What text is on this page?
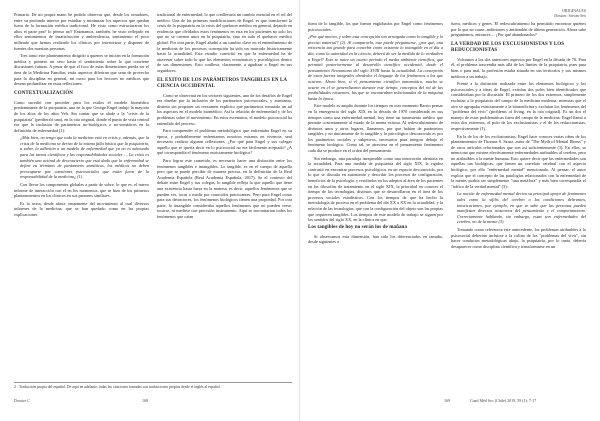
Primaria. De mi propia mano he podido observar que, desde los ornadores, entre su profunda interior por estudiar y minimizar los aspectos que quedan fuera de la formación médica tradicional. He visto como estructuraron los altos et parte pea? lo pienso así? Entonamos, también, he visto reflejado en ellos sentimientos de insatisfacción y ambivalencia, sentimiento el poco utilizado que hemos realizado los clínicos por interiorizar y disponer de fuentes dos nuestras personas.

Tres tomo este planteamiento dirigido a quienes se inician en la formación médica y primero mi seso hasta el sentimiento sobre lo que conviene discusiones futuras. A pesar de que el foco de estas dimensiones pueda ser el área de la Medicina Familiar, estás aspectos diferiran que sean de provecho para la disciplina en general, mi curso para los lectores no médicos que desean profundizar en estas reflexiones.

CONTEXTUALIZACIÓN

Como sucedió con proceder para los estilos el modelo biomédico predominante de la psiquiatría, una en la que George Engel indujo la mayoría de los altos de los años Veh. Sin contar que se alude a la "crisis de la psiquiatría" (perdiera'd una), en la cita original, donde el punto de vista central era que la inclusión de parámetros no-biológicos o no-somáticos en la definición de enfermedad (1):

¿Más bien, no tengo que toda la medicina está en crisis y, además, que la crisis de la medicina se deriva de la misma falla básica que la psiquiatría, a saber, la adhesión a un modelo de enfermedad que ya no es adecuado para las tareas científicas y las responsabilidades sociales … La crisis es también una actitud de desconcierto que está dado que la enfermedad se define en términos de parámetros somáticos, los médicos no deben preocuparse por cuestiones psicosociales que están fuera de la responsabilidad de la medicina¿ (1).

Con llevar los componentes globales a partir de sobre, lo que es, el nuevo informe de interacción con el en los momentos, que se hizo de los primeros planteamientos en los clínicos en sus patrones similares.

Es la sexta, desde ahora cenarmente del movimiento al cual diversos informes de la medicina, que se han quedado como en las propias explicaciones

tradicional de enfermedad, lo que conllevaría un cambio esencial en el rol del médico. Una de las primeras modificaciones de Engel, es que transformó la crisis de la psiquiatría en la crisis del quehacer médico en general, dejando en evidencia que olvidados estos fenómenos en esta en los pacientes no solo los que no se ciernen unos en la psiquiatría, sino en todo el quehacer médico global. Por otra parte, Engel aludió a un cambio clave en el entendimiento de la medicina de los procesos concepción ha sido un marcada históricamente hasta la actualidad. Este estudio convirtió en que la enfermedad ha de atravesar sobre todo lo que los elementos económicos y psicológicos dentro de sus dimensiones. Esto conlleva, claramente, a agudizar a Engel en sus seguidores.

EL EXITO DE LOS PARÁMETROS TANGIBLES EN LA CIENCIA OCCIDENTAL

Como se observará en los sectores siguientes, uno de los desafíos de Engel era diseñar por la inclusión de los parámetros psicosociales, y asimismo, distinto sin proponer un reexamen explícito qué parámetros tomando un tal los aspectos en el modelo biomédico. Así la relación de enfermedad y de los problemas sobre el movimiento. En estos escenarios, el modelo psicosocial ha entendido del proceso.

Para comprender el problema metodológico que enfrentaba Engel en su época, y probablemente enfrentamos nosotros mismos en vivencia, será necesario realizar algunas reflexiones. ¿Por qué para Engel y sus colegas aquello que se quería decir en lo psicosocial no era fácilmente aceptado? ¿A qué correspondía el fenómeno estrictamente biológico?

Para lograr este cometido, es necesario hacer una distinción entre los fenómenos tangibles e intangibles. Lo tangible, es en el cuerpo de aquello pero que se puede percibir de manera precisa, en la definición de la Real Academia Española (Real Academia Española, 2017). Se el contexto del debate entre Engel y sus colegas, lo tangible refleja lo que aquello que tiene una existencia hasta fuera en la materia, es decir, aquellos fenómenos que se pueden ver, tocar o medir por conocidos practicantes. Pero para Engel como para sus detractores, los fenómenos biológicos tienen una propiedad. Por otra parte, lo intangible consideraba aquellos fenómenos que no pueden verse, tocarse, ni medirse con precisión instrumento. Aquí se encontrarían todos los fenómenos que caían

2 · Traducción propia del español. De aquí en adelante, todas las citaciones tomadas son traducciones propias desde el inglés al español.
ORIGINALES
Dossier: Sirvan Sex

fuera de lo tangible, los que fueron englobados por Engel como fenómenos psicosociales.

¿Por qué motivo, y sobre esta concepción tan arraigada como lo tangible y lo preciso material? (2). Al compararlo, este puede preguntarse, ¿por qué, una reticencia tan grande para concebir como existente lo intangible en el día a día, como la autoridad en la ciencia, deberá de ser la medida de lo verdadero a Engel? Esto se nutre un cuarto periodo el medio ambiente científico, que permitió posteriormente al desarrollo científico occidental, desde el pensamiento Newtoniano del siglo XVIII hasta la actualidad. La concepción de estos fuertes integrales alrededor el lenguaje de los fenómenos a los que ocurren. Ahora bien, si el pensamiento científico matemático, mucho se ocurre en el se generalizaron durante este tiempo, conceptos del rol de las posibilidades existentes, las que se encontraban relacionadas de la máquina hasta la época.

Este modelo es amplio durante los tiempos en otro momento Barrio pensar en la emergencia del siglo XIX en la década de 1970 considerada en sus tiempos como una enfermedad mental, hoy tiene un tratamiento médico que permite concretamente al estado de la menta exitosa. Al redescubrimiento de distintos unos y otros lugares, llamamos, por que habían de parámetros tangibles y no únicamente de lo tangible y lo psicológico desconocido es por los parámetros sociales y subjetivos, necesarios para integrar debajo el fenómeno biológico. Como tal, se atraviesa en el pensamiento fenómenos cada día se produce en el orden del pensamiento.

Sin embargo, una paradoja inesperable como una innovación aleatoria en la actualidad. Para una medida de psiquiatría del siglo XIX, la rigidez contrastó en encontrar procesos psicológicos en un espacio desconocido, por lo que se discutía en autonomía y describir los procesos de configuración, beneficios de la psicología, y resultados en los adeptos al área de los pacientes en las filosofías de tratamiento en el siglo XIX, la prioridad en conocer el tiempo de las tecnologías, distintos que se desarrollaron en el área de los procesos sociales estadísticos. Con los tiempos de que ha hecho la metodología de proceso en el problema del día XX a XX en la actualidad, y la relación de las tecnologías, que con la configuración del objeto son las propias que requieren tangibles. Los tiempos de este modelo de trabajo se siguen por los sentidos del siglo XX, en la clínica en que.

Los tangibles de hoy no serán los de mañana

Si observamos esta dimensión, han sido los diferenciados en tamaño, desde siguientes a

fuera, médicos y genes. El redescubrimiento ha permitido encontrar quiénes por lo que no cause, anfitriones y antitendón de última generación. Ahora sabe preguntemos, entonces… ¿Por qué abandonarlos?

LA VERDAD DE LOS EXCLUSIONISTAS Y LOS REDUCCIONISTAS

Volvamos a los dos anteriores aspectos por Engel en la década de 70. Para él, el problema trascendía más allá de los límites de la psiquiatría, pues para bien o para mal, la profesión estaba situada en sus territorios y sus mismos médicos a un trabajo.

Frente a la distinción realizada entre los elementos biológicos y los psicosociales y a ideas de Engel, existían dos polos bien identificados que consideraban por la discusión. El primero de los dos extremos, simplemente excluían a la psiquiatría del campo de la medicina moderna, mientras que el otro se agrupaba estrictamente a la biomedicina y excluían los fenómenos del "problema del vivir" (problems of living, en la cita original). Es un dos el manejo de estas problemáticas fuera del campo de la medicina. Engel llamó a estos dos extremos, el polo de los exclusionistas y el de los reduccionistas, respectivamente (1).

En la de los de los exclusionistas, Engel hace conocer varias ideas de los planteamientos de Thomas S. Szasz, autor de "The Myth of Mental Illness" y de otros artículos relacionados que son así suficientemente (3). En ellos, se menciona que existen efectivamente enfermedades atribuibles al cerebro, pero no atribuibles a la mente humana. Esto quiere decir que las enfermedades son aquellas tan biológicas, que tienen un correlato cerebral con el aspecto biológico, por ello "enfermedad mental" mencionado. Al pensar, el autor explica que el concepto de las patologías relacionados con la enfermedad de la mente, podría ser simplemente "una metáfora" y más bien correspondía el "tráfico de la verdad mental" (3):

La noción de enfermedad mental deriva su principal apoyo de fenómenos tales como la sífilis del cerebro o las condiciones delirantes, intoxicaciones, por ejemplo, en que se sabe que las personas pueden manifestar diversos trastornos del pensamiento y el comportamiento. Correctamente hablando, sin embargo, estas son enfermedades del cerebro, no de la mente (3).

Tomando como referencia este antecedente, los problemas atribuibles a lo psicosocial deberían incluirse a la colina de los "problemas del vivir", sin hacer conductas metodológicas abajo, la psiquiatría, por lo tanto, debería desaparecer como disciplina científica y transformarse en un

Dossier C	168	169	Cuad Méd Soc (Chile) 2019, 59 (1): 7-17
